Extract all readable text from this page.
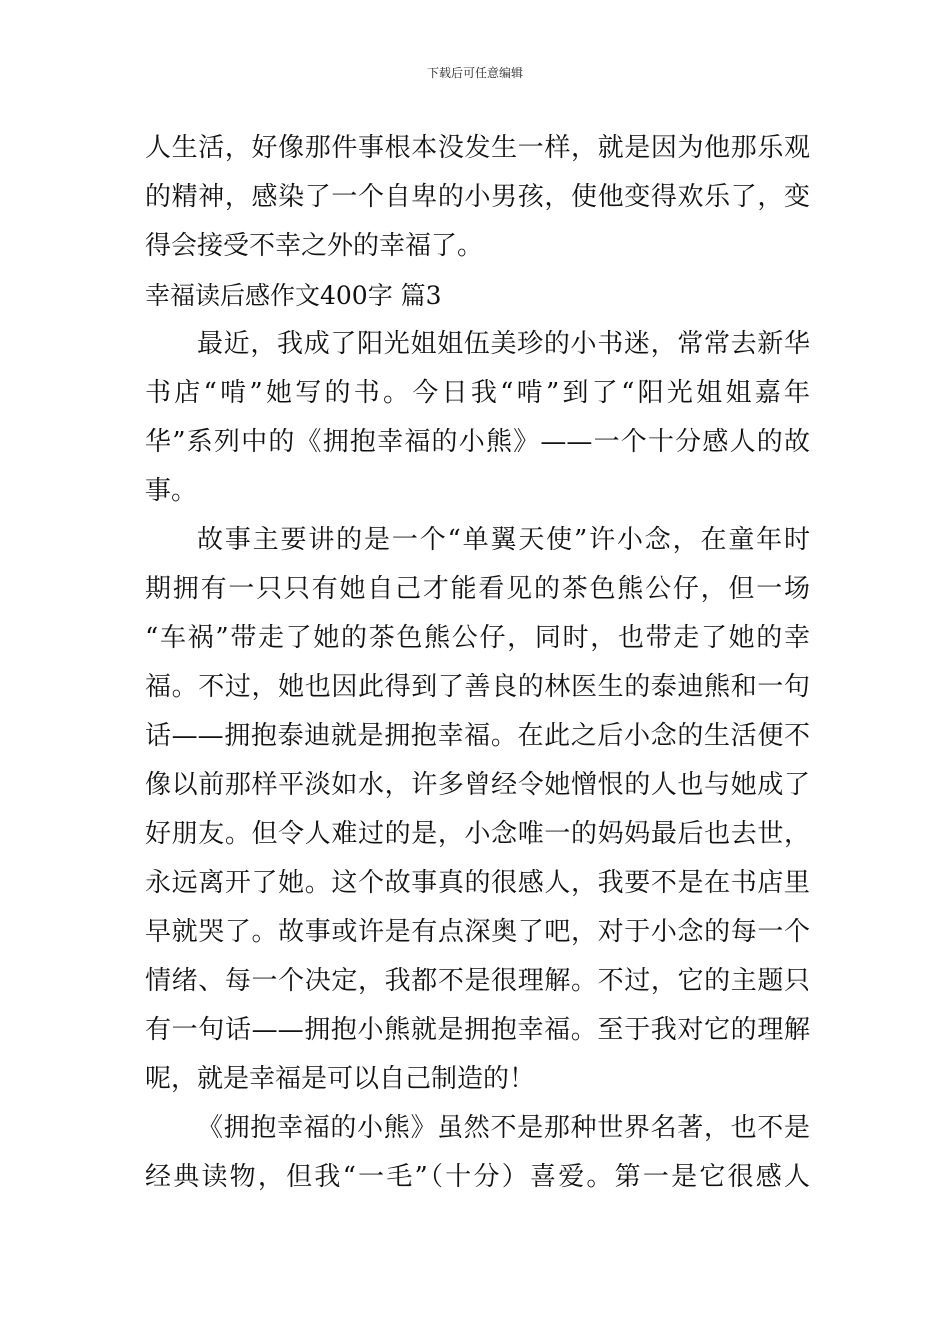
下载后可任意编辑
人生活，好像那件事根本没发生一样，就是因为他那乐观
的精神，感染了一个自卑的小男孩，使他变得欢乐了，变
得会接受不幸之外的幸福了。
幸福读后感作文400字 篇3
最近，我成了阳光姐姐伍美珍的小书迷，常常去新华
书店“啃”她写的书。今日我“啃”到了“阳光姐姐嘉年
华”系列中的《拥抱幸福的小熊》——一个十分感人的故
事。
故事主要讲的是一个“单翼天使”许小念，在童年时
期拥有一只只有她自己才能看见的茶色熊公仔，但一场
“车祸”带走了她的茶色熊公仔，同时，也带走了她的幸
福。不过，她也因此得到了善良的林医生的泰迪熊和一句
话——拥抱泰迪就是拥抱幸福。在此之后小念的生活便不
像以前那样平淡如水，许多曾经令她憎恨的人也与她成了
好朋友。但令人难过的是，小念唯一的妈妈最后也去世，
永远离开了她。这个故事真的很感人，我要不是在书店里
早就哭了。故事或许是有点深奥了吧，对于小念的每一个
情绪、每一个决定，我都不是很理解。不过，它的主题只
有一句话——拥抱小熊就是拥抱幸福。至于我对它的理解
呢，就是幸福是可以自己制造的！
《拥抱幸福的小熊》虽然不是那种世界名著，也不是
经典读物，但我“一毛”（十分）喜爱。第一是它很感人
